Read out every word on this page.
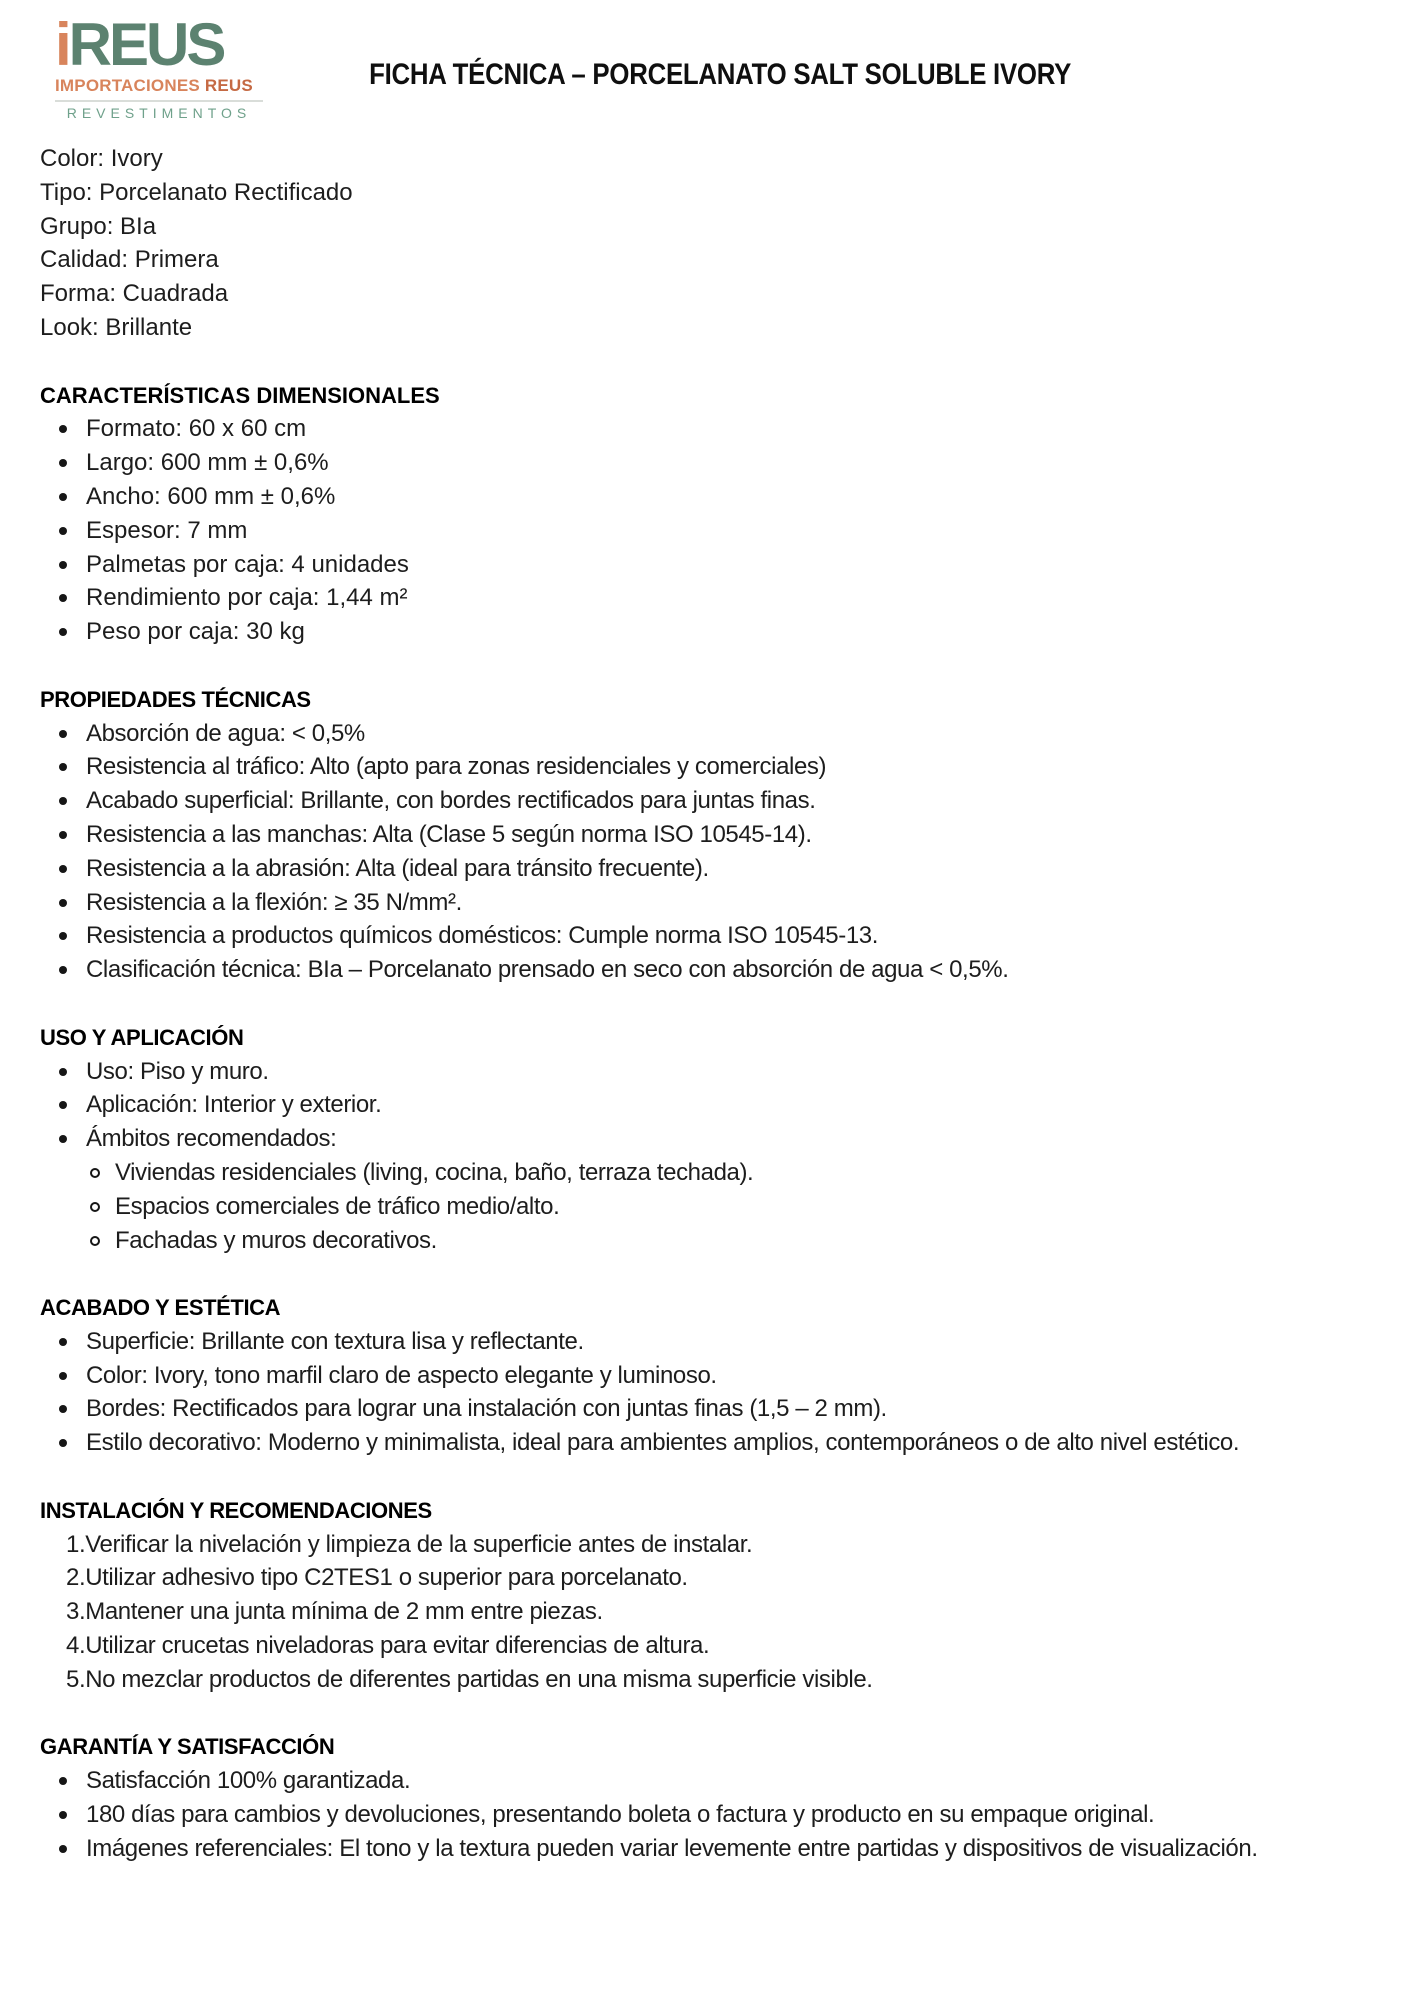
iREUS
IMPORTACIONES REUS
REVESTIMENTOS
FICHA TÉCNICA – PORCELANATO SALT SOLUBLE IVORY
Color: Ivory
Tipo: Porcelanato Rectificado
Grupo: BIa
Calidad: Primera
Forma: Cuadrada
Look: Brillante
CARACTERÍSTICAS DIMENSIONALES
Formato: 60 x 60 cm
Largo: 600 mm ± 0,6%
Ancho: 600 mm ± 0,6%
Espesor: 7 mm
Palmetas por caja: 4 unidades
Rendimiento por caja: 1,44 m²
Peso por caja: 30 kg
PROPIEDADES TÉCNICAS
Absorción de agua: < 0,5%
Resistencia al tráfico: Alto (apto para zonas residenciales y comerciales)
Acabado superficial: Brillante, con bordes rectificados para juntas finas.
Resistencia a las manchas: Alta (Clase 5 según norma ISO 10545-14).
Resistencia a la abrasión: Alta (ideal para tránsito frecuente).
Resistencia a la flexión: ≥ 35 N/mm².
Resistencia a productos químicos domésticos: Cumple norma ISO 10545-13.
Clasificación técnica: BIa – Porcelanato prensado en seco con absorción de agua < 0,5%.
USO Y APLICACIÓN
Uso: Piso y muro.
Aplicación: Interior y exterior.
Ámbitos recomendados:
Viviendas residenciales (living, cocina, baño, terraza techada).
Espacios comerciales de tráfico medio/alto.
Fachadas y muros decorativos.
ACABADO Y ESTÉTICA
Superficie: Brillante con textura lisa y reflectante.
Color: Ivory, tono marfil claro de aspecto elegante y luminoso.
Bordes: Rectificados para lograr una instalación con juntas finas (1,5 – 2 mm).
Estilo decorativo: Moderno y minimalista, ideal para ambientes amplios, contemporáneos o de alto nivel estético.
INSTALACIÓN Y RECOMENDACIONES
Verificar la nivelación y limpieza de la superficie antes de instalar.
Utilizar adhesivo tipo C2TES1 o superior para porcelanato.
Mantener una junta mínima de 2 mm entre piezas.
Utilizar crucetas niveladoras para evitar diferencias de altura.
No mezclar productos de diferentes partidas en una misma superficie visible.
GARANTÍA Y SATISFACCIÓN
Satisfacción 100% garantizada.
180 días para cambios y devoluciones, presentando boleta o factura y producto en su empaque original.
Imágenes referenciales: El tono y la textura pueden variar levemente entre partidas y dispositivos de visualización.
